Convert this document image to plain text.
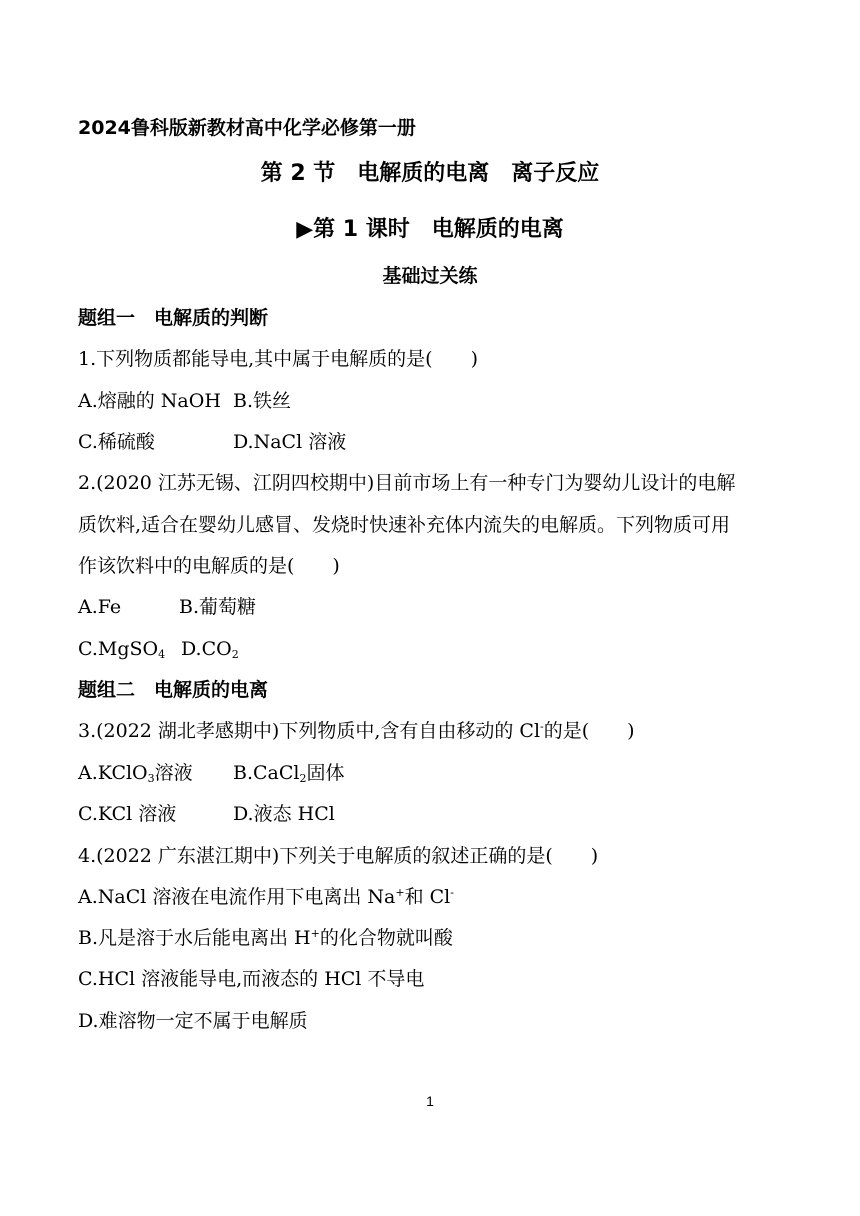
2024鲁科版新教材高中化学必修第一册
第 2 节　电解质的电离　离子反应
▶第 1 课时　电解质的电离
基础过关练
题组一　电解质的判断
1.下列物质都能导电,其中属于电解质的是(　　)
A.熔融的 NaOH B.铁丝
C.稀硫酸	D.NaCl 溶液
2.(2020 江苏无锡、江阴四校期中)目前市场上有一种专门为婴幼儿设计的电解
质饮料,适合在婴幼儿感冒、发烧时快速补充体内流失的电解质。下列物质可用
作该饮料中的电解质的是(　　)
A.Fe	B.葡萄糖
C.MgSO$_4$ $D.CO_2$
题组二　电解质的电离
3.(2022 湖北孝感期中)下列物质中,含有自由移动的 Cl-的是(　　)
A.KClO$_3$溶液 B.CaCl$_2$固体
C.KCl 溶液	D.液态 HCl
4.(2022 广东湛江期中)下列关于电解质的叙述正确的是(　　)
A.NaCl 溶液在电流作用下电离出 Na+和 Cl-
B.凡是溶于水后能电离出 H+的化合物就叫酸
C.HCl 溶液能导电,而液态的 HCl 不导电
D.难溶物一定不属于电解质
1
